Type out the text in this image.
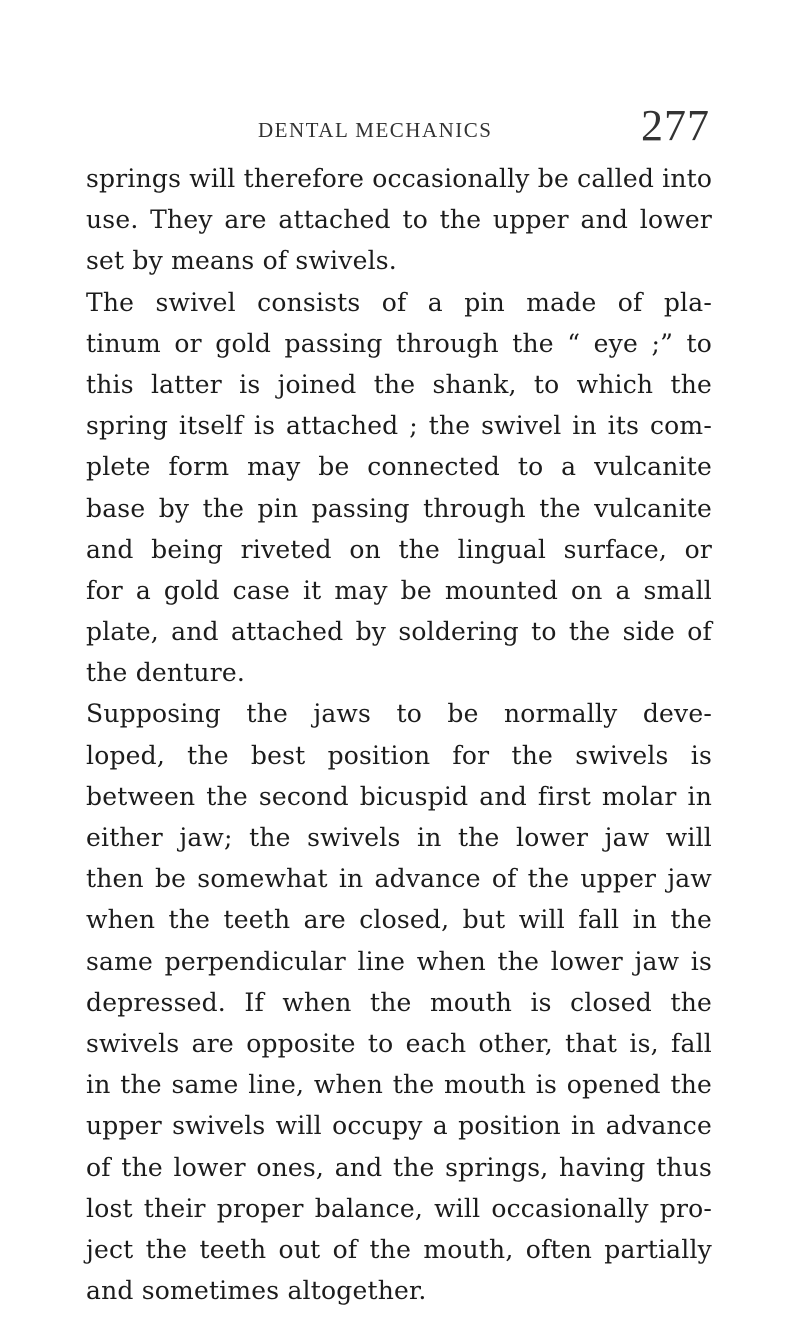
DENTAL MECHANICS	277
springs will therefore occasionally be called into
use. They are attached to the upper and lower
set by means of swivels.
The swivel consists of a pin made of pla-
tinum or gold passing through the “ eye ;” to
this latter is joined the shank, to which the
spring itself is attached ; the swivel in its com-
plete form may be connected to a vulcanite
base by the pin passing through the vulcanite
and being riveted on the lingual surface, or
for a gold case it may be mounted on a small
plate, and attached by soldering to the side of
the denture.
Supposing the jaws to be normally deve-
loped, the best position for the swivels is
between the second bicuspid and first molar in
either jaw; the swivels in the lower jaw will
then be somewhat in advance of the upper jaw
when the teeth are closed, but will fall in the
same perpendicular line when the lower jaw is
depressed. If when the mouth is closed the
swivels are opposite to each other, that is, fall
in the same line, when the mouth is opened the
upper swivels will occupy a position in advance
of the lower ones, and the springs, having thus
lost their proper balance, will occasionally pro-
ject the teeth out of the mouth, often partially
and sometimes altogether.
